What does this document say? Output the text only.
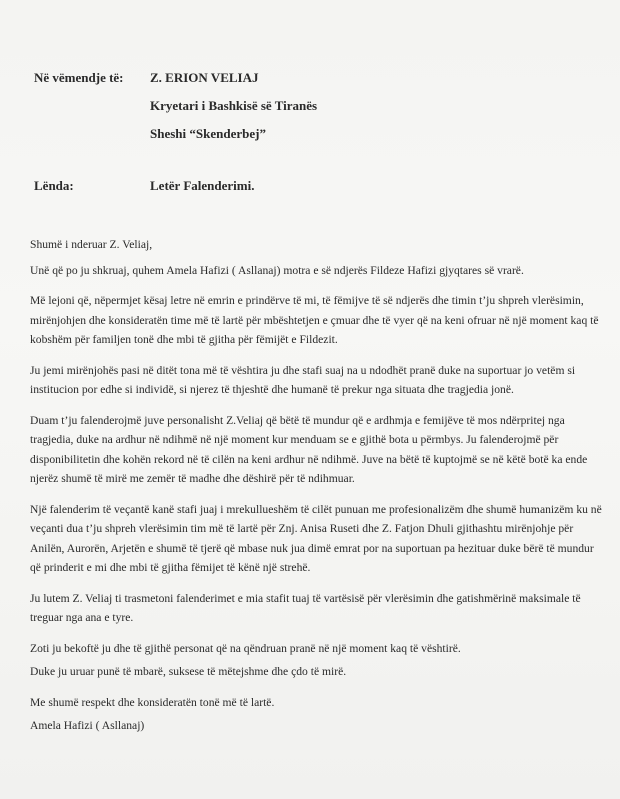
Në vëmendje të:	Z. ERION VELIAJ
Kryetari i Bashkisë së Tiranës
Sheshi “Skenderbej”
Lënda:	Letër Falenderimi.

Shumë i nderuar Z. Veliaj,

Unë që po ju shkruaj, quhem Amela Hafizi ( Asllanaj) motra e së ndjerës Fildeze Hafizi gjyqtares së vrarë.

Më lejoni që, nëpermjet kësaj letre në emrin e prindërve të mi, të fëmijve të së ndjerës dhe timin t’ju shpreh vlerësimin, mirënjohjen dhe konsideratën time më të lartë për mbështetjen e çmuar dhe të vyer që na keni ofruar në një moment kaq të kobshëm për familjen tonë dhe mbi të gjitha për fëmijët e Fildezit.

Ju jemi mirënjohës pasi në ditët tona më të vështira ju dhe stafi suaj na u ndodhët pranë duke na suportuar jo vetëm si institucion por edhe si individë, si njerez të thjeshtë dhe humanë të prekur nga situata dhe tragjedia jonë.

Duam t’ju falenderojmë juve personalisht Z.Veliaj që bëtë të mundur që e ardhmja e femijëve të mos ndërpritej nga tragjedia, duke na ardhur në ndihmë në një moment kur menduam se e gjithë bota u përmbys. Ju falenderojmë për disponibilitetin dhe kohën rekord në të cilën na keni ardhur në ndihmë. Juve na bëtë të kuptojmë se në këtë botë ka ende njerëz shumë të mirë me zemër të madhe dhe dëshirë për të ndihmuar.

Një falenderim të veçantë kanë stafi juaj i mrekullueshëm të cilët punuan me profesionalizëm dhe shumë humanizëm ku në veçanti dua t’ju shpreh vlerësimin tim më të lartë për Znj. Anisa Ruseti dhe Z. Fatjon Dhuli gjithashtu mirënjohje për Anilën, Aurorën, Arjetën e shumë të tjerë që mbase nuk jua dimë emrat por na suportuan pa hezituar duke bërë të mundur që prinderit e mi dhe mbi të gjitha fëmijet të kënë një strehë.

Ju lutem Z. Veliaj ti trasmetoni falenderimet e mia stafit tuaj të vartësisë për vlerësimin dhe gatishmërinë maksimale të treguar nga ana e tyre.

Zoti ju bekoftë ju dhe të gjithë personat që na qëndruan pranë në një moment kaq të vështirë.

Duke ju uruar punë të mbarë, suksese të mëtejshme dhe çdo të mirë.

Me shumë respekt dhe konsideratën tonë më të lartë.

Amela Hafizi ( Asllanaj)
